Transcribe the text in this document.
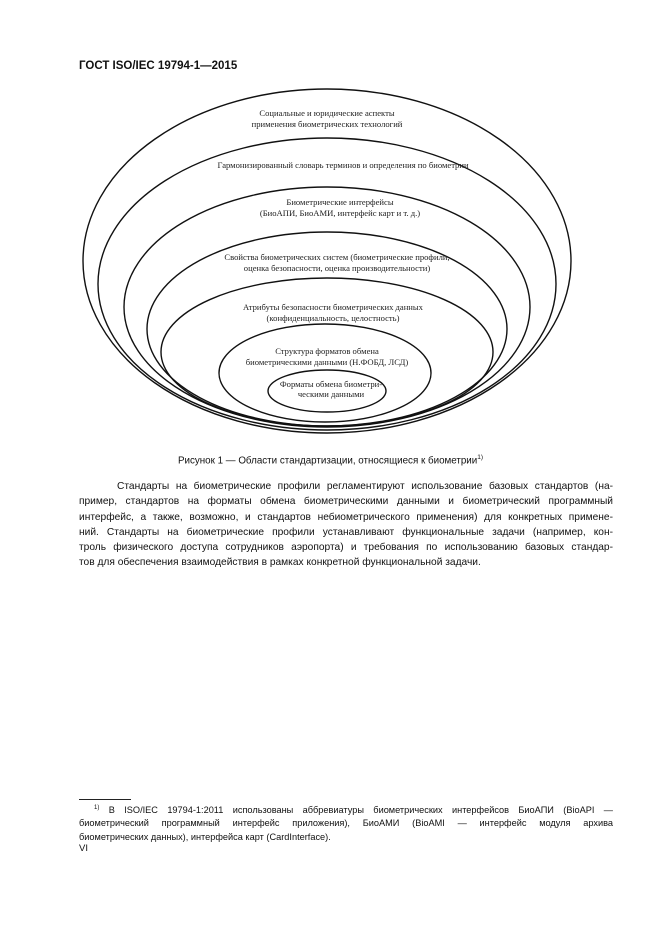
ГОСТ ISO/IEC 19794-1—2015
Социальные и юридические аспекты
применения биометрических технологий
Гармонизированный словарь терминов и определения по биометрии
Биометрические интерфейсы
(БиоАПИ, БиоАМИ, интерфейс карт и т. д.)
Свойства биометрических систем (биометрические профили,
оценка безопасности, оценка производительности)
Атрибуты безопасности биометрических данных
(конфиденциальность, целостность)
Структура форматов обмена
биометрическими данными (Н.ФОБД, ЛСД)
Форматы обмена биометри-
ческими данными
Рисунок 1 — Области стандартизации, относящиеся к биометрии$^{1)}$
Стандарты на биометрические профили регламентируют использование базовых стандартов (на-
пример, стандартов на форматы обмена биометрическими данными и биометрический программный
интерфейс, а также, возможно, и стандартов небиометрического применения) для конкретных примене-
ний. Стандарты на биометрические профили устанавливают функциональные задачи (например, кон-
троль физического доступа сотрудников аэропорта) и требования по использованию базовых стандар-
тов для обеспечения взаимодействия в рамках конкретной функциональной задачи.
$^{1)}$ В ISO/IEC 19794-1:2011 использованы аббревиатуры биометрических интерфейсов БиоАПИ (BioAPI —
биометрический программный интерфейс приложения), БиоАМИ (BioAMI — интерфейс модуля архива
биометрических данных), интерфейса карт (CardInterface).
VI
